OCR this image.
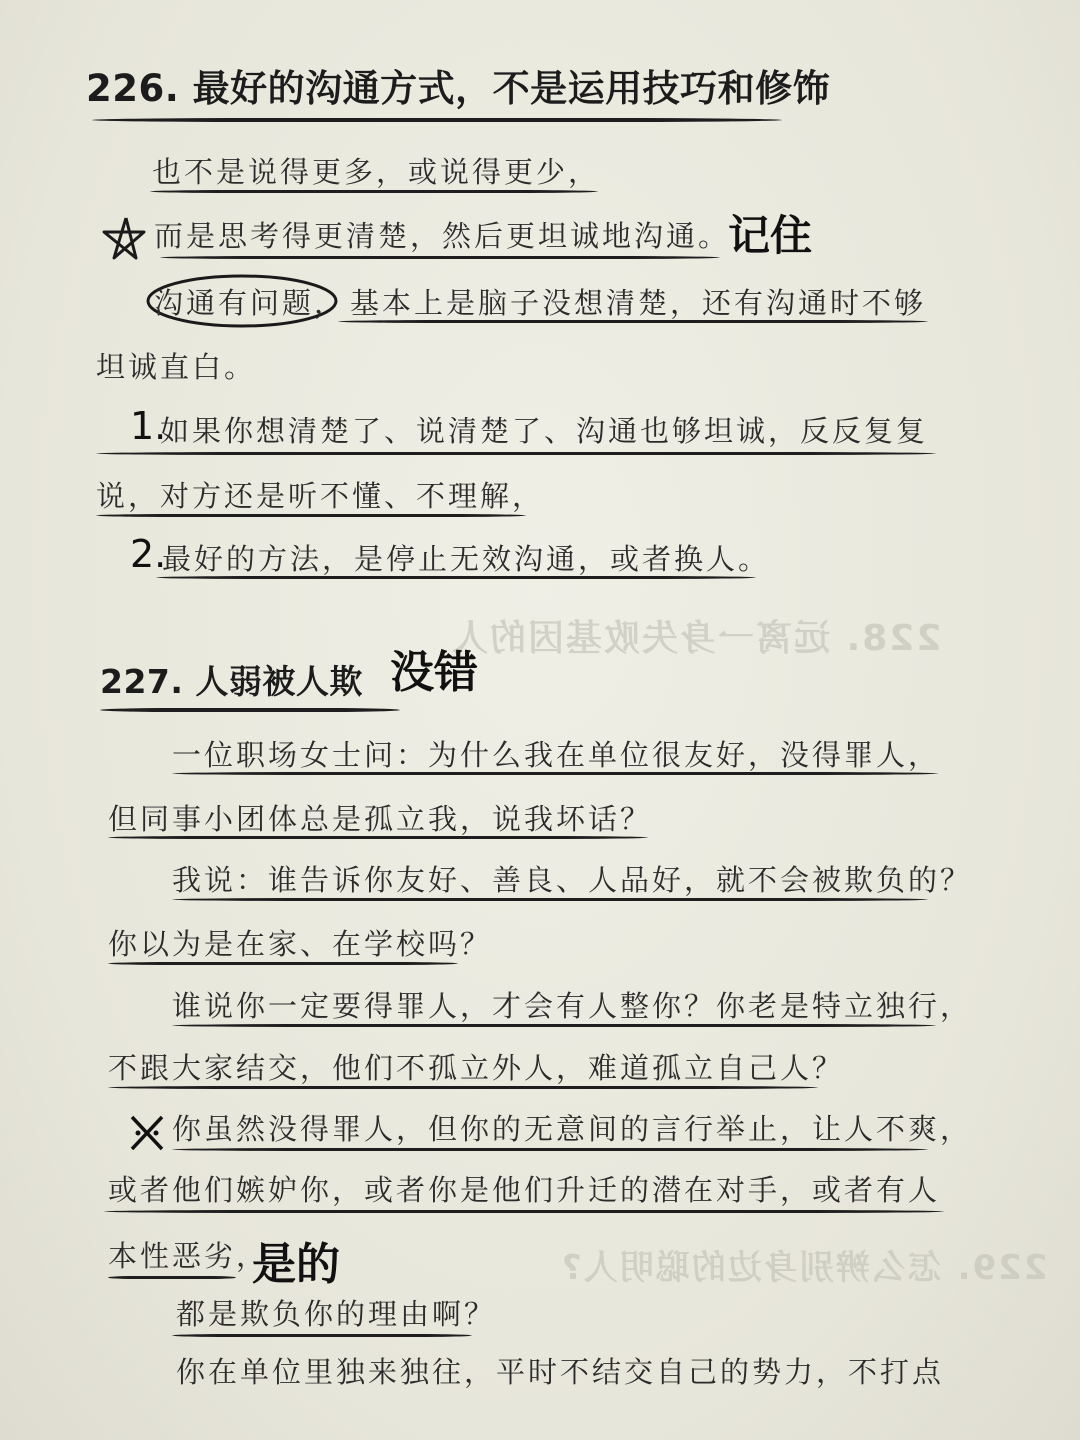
228. 远离一身失败基因的人
229. 怎么辨别身边的聪明人?
226. 最好的沟通方式，不是运用技巧和修饰
也不是说得更多，或说得更少，
而是思考得更清楚，然后更坦诚地沟通。
记住
沟通有问题， 基本上是脑子没想清楚，还有沟通时不够
坦诚直白。
1.
如果你想清楚了、说清楚了、沟通也够坦诚，反反复复
说，对方还是听不懂、不理解，
2.
最好的方法，是停止无效沟通，或者换人。
227. 人弱被人欺 没错
一位职场女士问：为什么我在单位很友好，没得罪人，
但同事小团体总是孤立我，说我坏话？
我说：谁告诉你友好、善良、人品好，就不会被欺负的？
你以为是在家、在学校吗？
谁说你一定要得罪人，才会有人整你？你老是特立独行，
不跟大家结交，他们不孤立外人，难道孤立自己人？
你虽然没得罪人，但你的无意间的言行举止，让人不爽，
或者他们嫉妒你，或者你是他们升迁的潜在对手，或者有人
本性恶劣，
是的
都是欺负你的理由啊？
你在单位里独来独往，平时不结交自己的势力，不打点
